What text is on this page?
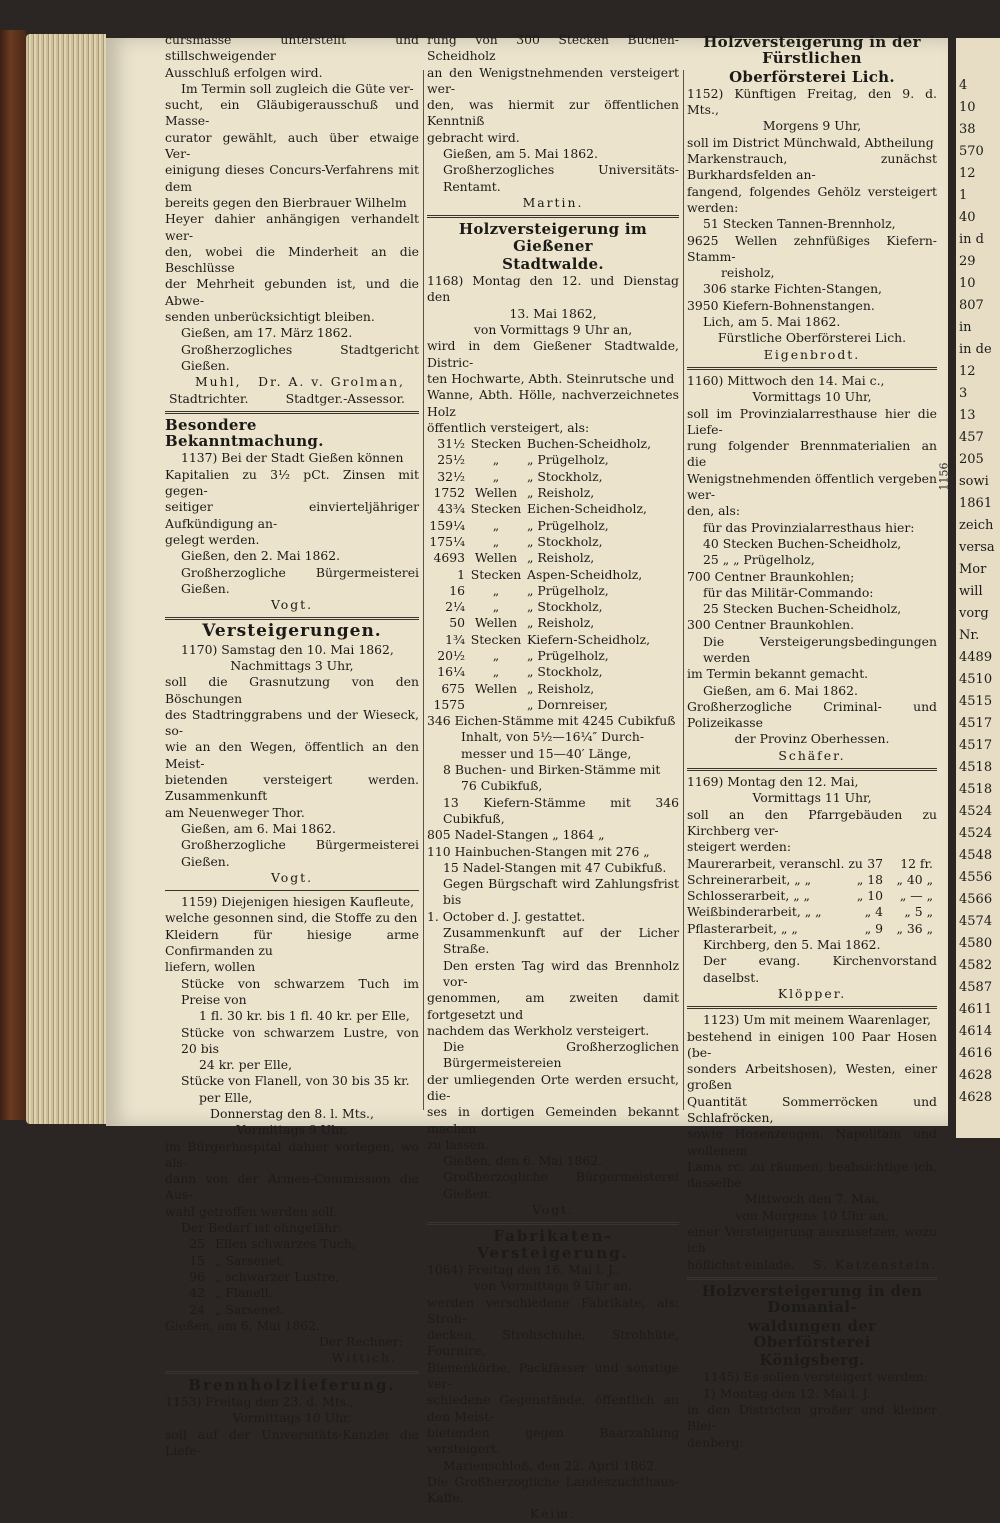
cursmasse unterstellt und stillschweigender

Ausschluß erfolgen wird.

Im Termin soll zugleich die Güte ver-

sucht, ein Gläubigerausschuß und Masse-

curator gewählt, auch über etwaige Ver-

einigung dieses Concurs-Verfahrens mit dem

bereits gegen den Bierbrauer Wilhelm

Heyer dahier anhängigen verhandelt wer-

den, wobei die Minderheit an die Beschlüsse

der Mehrheit gebunden ist, und die Abwe-

senden unberücksichtigt bleiben.

Gießen, am 17. März 1862.

Großherzogliches Stadtgericht Gießen.

Muhl, Dr. A. v. Grolman,
Stadtrichter.	Stadtger.-Assessor.

Besondere Bekanntmachung.

1137) Bei der Stadt Gießen können

Kapitalien zu 3½ pCt. Zinsen mit gegen-

seitiger einvierteljähriger Aufkündigung an-

gelegt werden.

Gießen, den 2. Mai 1862.

Großherzogliche Bürgermeisterei Gießen.

Vogt.

Versteigerungen.

1170) Samstag den 10. Mai 1862,

Nachmittags 3 Uhr,

soll die Grasnutzung von den Böschungen

des Stadtringgrabens und der Wieseck, so-

wie an den Wegen, öffentlich an den Meist-

bietenden versteigert werden. Zusammenkunft

am Neuenweger Thor.

Gießen, am 6. Mai 1862.

Großherzogliche Bürgermeisterei Gießen.

Vogt.

1159) Diejenigen hiesigen Kaufleute,

welche gesonnen sind, die Stoffe zu den

Kleidern für hiesige arme Confirmanden zu

liefern, wollen

Stücke von schwarzem Tuch im Preise von

1 fl. 30 kr. bis 1 fl. 40 kr. per Elle,

Stücke von schwarzem Lustre, von 20 bis

24 kr. per Elle,

Stücke von Flanell, von 30 bis 35 kr.

per Elle,

Donnerstag den 8. l. Mts.,

Vormittags 9 Uhr,

im Bürgerhospital dahier vorlegen, wo als-

dann von der Armen-Commission die Aus-

wahl getroffen werden soll.

Der Bedarf ist ohngefähr:

25 Ellen schwarzes Tuch,
15 „ Sarsenet,
96 „ schwarzer Lustre,
42 „ Flanell,
24 „ Sarsenet.

Gießen, am 6. Mai 1862.

Der Rechner:

Wittich.

Brennholzlieferung.

1153) Freitag den 23. d. Mts.,

Vormittags 10 Uhr,

soll auf der Universitäts-Kanzlei die Liefe-

rung von 300 Stecken Buchen-Scheidholz

an den Wenigstnehmenden versteigert wer-

den, was hiermit zur öffentlichen Kenntniß

gebracht wird.

Gießen, am 5. Mai 1862.

Großherzogliches Universitäts-Rentamt.

Martin.

Holzversteigerung im Gießener

Stadtwalde.

1168) Montag den 12. und Dienstag den

13. Mai 1862,

von Vormittags 9 Uhr an,

wird in dem Gießener Stadtwalde, Distric-

ten Hochwarte, Abth. Steinrutsche und

Wanne, Abth. Hölle, nachverzeichnetes Holz

öffentlich versteigert, als:

31½ Stecken Buchen-Scheidholz,
25½	„	„ Prügelholz,
32½	„	„ Stockholz,
1752 Wellen „ Reisholz,
43¾ Stecken Eichen-Scheidholz,
159¼	„	„ Prügelholz,
175¼	„	„ Stockholz,
4693 Wellen „ Reisholz,
1 Stecken Aspen-Scheidholz,
16	„	„ Prügelholz,
2¼	„	„ Stockholz,
50 Wellen „ Reisholz,
1¾ Stecken Kiefern-Scheidholz,
20½	„	„ Prügelholz,
16¼	„	„ Stockholz,
675 Wellen „ Reisholz,
1575	„ Dornreiser,

346 Eichen-Stämme mit 4245 Cubikfuß

Inhalt, von 5½—16¼″ Durch-

messer und 15—40′ Länge,

8 Buchen- und Birken-Stämme mit

76 Cubikfuß,

13 Kiefern-Stämme mit 346 Cubikfuß,

805 Nadel-Stangen „ 1864 „

110 Hainbuchen-Stangen mit 276 „

15 Nadel-Stangen mit 47 Cubikfuß.

Gegen Bürgschaft wird Zahlungsfrist bis

1. October d. J. gestattet.

Zusammenkunft auf der Licher Straße.

Den ersten Tag wird das Brennholz vor-

genommen, am zweiten damit fortgesetzt und

nachdem das Werkholz versteigert.

Die Großherzoglichen Bürgermeistereien

der umliegenden Orte werden ersucht, die-

ses in dortigen Gemeinden bekannt machen

zu lassen.

Gießen, den 6. Mai 1862.

Großherzogliche Bürgermeisterei Gießen.

Vogt.

Fabrikaten-Versteigerung.

1064) Freitag den 16. Mai l. J.,

von Vormittags 9 Uhr an,

werden verschiedene Fabrikate, als: Stroh-

decken, Strohschuhe, Strohhüte, Fournire,

Bienenkörbe, Packfässer und sonstige ver-

schiedene Gegenstände, öffentlich an den Meist-

bietenden gegen Baarzahlung versteigert.

Marienschloß, den 22. April 1862.

Die Großherzogliche Landeszuchthaus-Kaffe.

Keim.

Holzversteigerung in der Fürstlichen

Oberförsterei Lich.

1152) Künftigen Freitag, den 9. d. Mts.,

Morgens 9 Uhr,

soll im District Münchwald, Abtheilung

Markenstrauch, zunächst Burkhardsfelden an-

fangend, folgendes Gehölz versteigert werden:

51 Stecken Tannen-Brennholz,

9625 Wellen zehnfüßiges Kiefern-Stamm-

reisholz,

306 starke Fichten-Stangen,

3950 Kiefern-Bohnenstangen.

Lich, am 5. Mai 1862.

Fürstliche Oberförsterei Lich.

Eigenbrodt.

1160) Mittwoch den 14. Mai c.,

Vormittags 10 Uhr,

soll im Provinzialarresthause hier die Liefe-

rung folgender Brennmaterialien an die

Wenigstnehmenden öffentlich vergeben wer-

den, als:

für das Provinzialarresthaus hier:

40 Stecken Buchen-Scheidholz,

25 „ „ Prügelholz,

700 Centner Braunkohlen;

für das Militär-Commando:

25 Stecken Buchen-Scheidholz,

300 Centner Braunkohlen.

Die Versteigerungsbedingungen werden

im Termin bekannt gemacht.

Gießen, am 6. Mai 1862.

Großherzogliche Criminal- und Polizeikasse

der Provinz Oberhessen.

Schäfer.

1169) Montag den 12. Mai,

Vormittags 11 Uhr,

soll an den Pfarrgebäuden zu Kirchberg ver-

steigert werden:

Maurerarbeit, veranschl. zu 37	12 fr.
Schreinerarbeit, „ „	„ 18	„ 40 „
Schlosserarbeit, „ „	„ 10	„ — „
Weißbinderarbeit, „ „	„ 4	„ 5 „
Pflasterarbeit, „ „	„ 9	„ 36 „

Kirchberg, den 5. Mai 1862.

Der evang. Kirchenvorstand daselbst.

Klöpper.

1123) Um mit meinem Waarenlager,

bestehend in einigen 100 Paar Hosen (be-

sonders Arbeitshosen), Westen, einer großen

Quantität Sommerröcken und Schlafröcken,

sowie Hosenzeugen, Napolitain und wollenem

Lama rc. zu räumen, beabsichtige ich, dasselbe

Mittwoch den 7. Mai,

von Morgens 10 Uhr an,

einer Versteigerung auszusetzen, wozu ich

höflichst einlade. S. Katzenstein.

Holzversteigerung in den Domanial-

waldungen der Oberförsterei

Königsberg.

1145) Es sollen versteigert werden:

1) Montag den 12. Mai l. J.

in den Districten großer und kleiner Blei-

denberg:

4
10
38
570
12
1
40
in d
29
10
807
in
in de
12
3
13
457
205
sowi
1861
zeich
versa
Mor
will
vorg
Nr.
4489
4510
4515
4517
4517
4518
4518
4524
4524
4548
4556
4566
4574
4580
4582
4587
4611
4614
4616
4628
4628
1156
